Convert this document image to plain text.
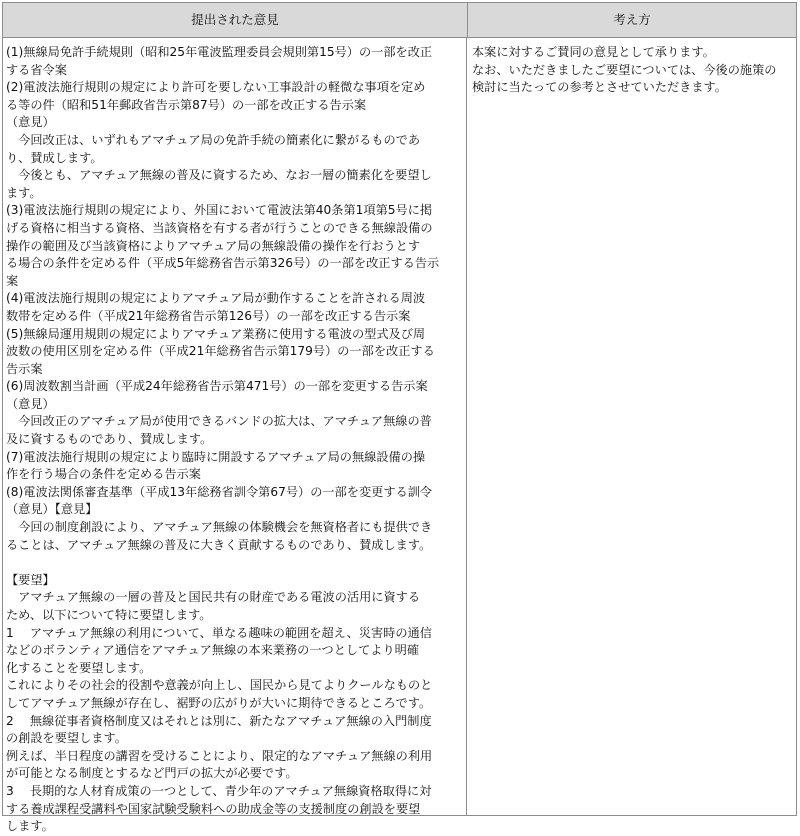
提出された意見	考え方
(1)無線局免許手続規則（昭和25年電波監理委員会規則第15号）の一部を改正
する省令案
(2)電波法施行規則の規定により許可を要しない工事設計の軽微な事項を定め
る等の件（昭和51年郵政省告示第87号）の一部を改正する告示案
（意見）
　今回改正は、いずれもアマチュア局の免許手続の簡素化に繋がるものであ
り、賛成します。
　今後とも、アマチュア無線の普及に資するため、なお一層の簡素化を要望し
ます。
(3)電波法施行規則の規定により、外国において電波法第40条第1項第5号に掲
げる資格に相当する資格、当該資格を有する者が行うことのできる無線設備の
操作の範囲及び当該資格によりアマチュア局の無線設備の操作を行おうとす
る場合の条件を定める件（平成5年総務省告示第326号）の一部を改正する告示
案
(4)電波法施行規則の規定によりアマチュア局が動作することを許される周波
数帯を定める件（平成21年総務省告示第126号）の一部を改正する告示案
(5)無線局運用規則の規定によりアマチュア業務に使用する電波の型式及び周
波数の使用区別を定める件（平成21年総務省告示第179号）の一部を改正する
告示案
(6)周波数割当計画（平成24年総務省告示第471号）の一部を変更する告示案
（意見）
　今回改正のアマチュア局が使用できるバンドの拡大は、アマチュア無線の普
及に資するものであり、賛成します。
(7)電波法施行規則の規定により臨時に開設するアマチュア局の無線設備の操
作を行う場合の条件を定める告示案
(8)電波法関係審査基準（平成13年総務省訓令第67号）の一部を変更する訓令
（意見）【意見】
　今回の制度創設により、アマチュア無線の体験機会を無資格者にも提供でき
ることは、アマチュア無線の普及に大きく貢献するものであり、賛成します。
【要望】
　アマチュア無線の一層の普及と国民共有の財産である電波の活用に資する
ため、以下について特に要望します。
1　 アマチュア無線の利用について、単なる趣味の範囲を超え、災害時の通信
などのボランティア通信をアマチュア無線の本来業務の一つとしてより明確
化することを要望します。
これによりその社会的役割や意義が向上し、国民から見てよりクールなものと
してアマチュア無線が存在し、裾野の広がりが大いに期待できるところです。
2　 無線従事者資格制度又はそれとは別に、新たなアマチュア無線の入門制度
の創設を要望します。
例えば、半日程度の講習を受けることにより、限定的なアマチュア無線の利用
が可能となる制度とするなど門戸の拡大が必要です。
3　 長期的な人材育成策の一つとして、青少年のアマチュア無線資格取得に対
する養成課程受講料や国家試験受験料への助成金等の支援制度の創設を要望
します。
本案に対するご賛同の意見として承ります。
なお、いただきましたご要望については、今後の施策の
検討に当たっての参考とさせていただきます。
